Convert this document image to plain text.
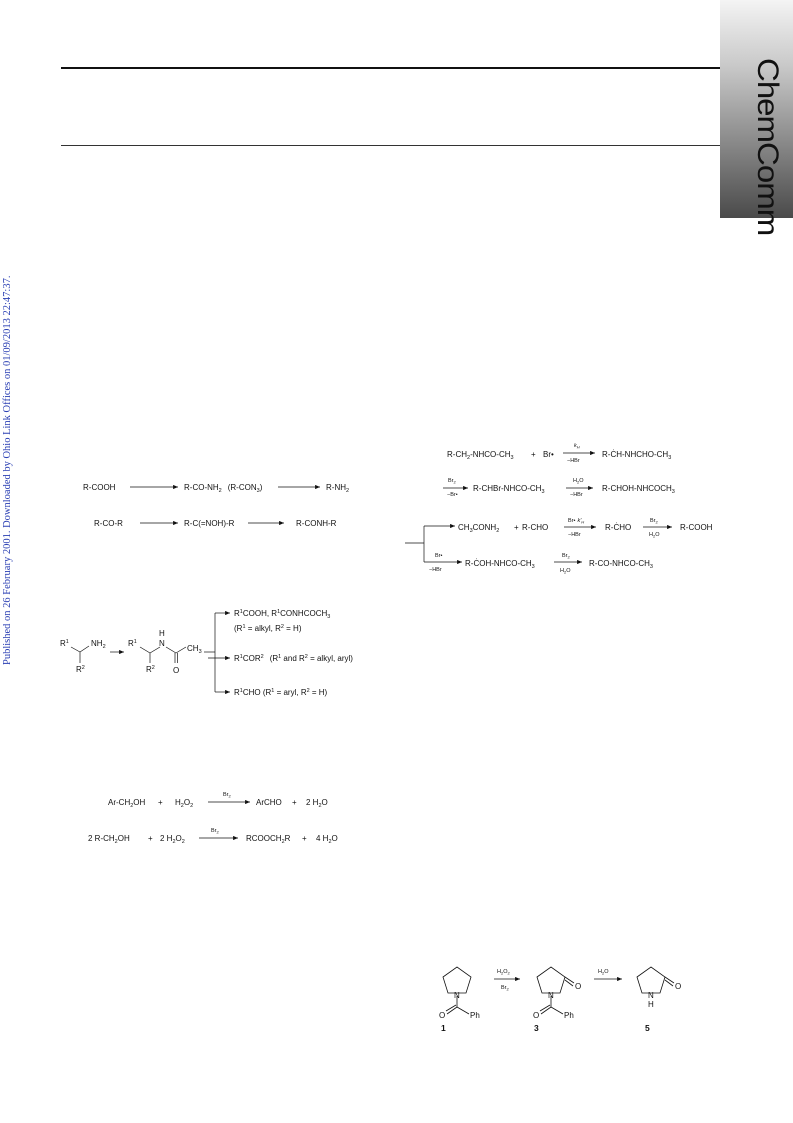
ChemComm
Published on 26 February 2001. Downloaded by Ohio Link Offices on 01/09/2013 22:47:37.	R-COOH	$R-CO-NH_2$ $(R-CON_3)$	$R-NH_2$
R-CO-R	R-C(=NOH)-R	R-CONH-R
$R^1$	$NH_2$
$R^2$
$R^1$
H
N
$CH_3$
$R^2$ O
$R^1COOH$, $R^1CONHCOCH_3$
($R^1$ = alkyl, $R^2 = H$)
$R^1COR^2$ ($R^1$ and $R^2$ = alkyl, aryl)
$R^1CHO$ ($R^1$ = aryl, $R^2 = H$)
$Ar-CH_2OH + H_2O_2$
$Br_2$
ArCHO + 2 $H_2O$
2 $R-CH_2OH + 2$ $H_2O_2$
$Br_2$
$RCOOCH_2R + 4$ $H_2O$
$R-CH_2-NHCO-CH_3$ + Br•
$k_H$
−HBr
$R-ĊH-NHCHO-CH_3$
$Br_2$
−Br•
$R-CHBr-NHCO-CH_3$
$H_2O$
−HBr
$R-CHOH-NHCOCH_3$
$CH_3CONH_2 + R-CHO$
Br• $k'_H$
−HBr
R-ĊHO
$Br_2$
$H_2O$
R-COOH
Br•
−HBr
$R-ĊOH-NHCO-CH_3$
$Br_2$
$H_2O$
$R-CO-NHCO-CH_3$
N
O	Ph
1
$H_2O_2$
$Br_2$
N
O
O	Ph
3
$H_2O$
N
H
O
5
